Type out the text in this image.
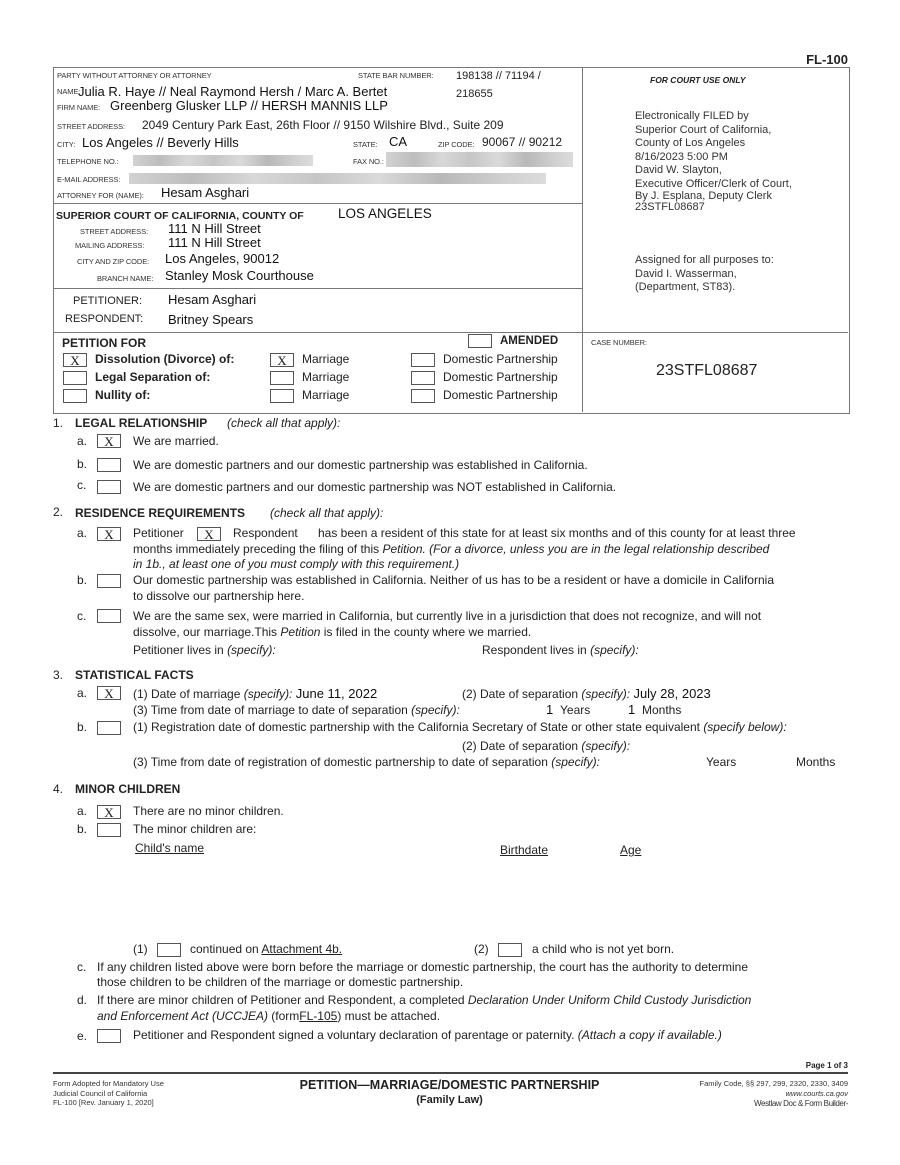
FL-100
PARTY WITHOUT ATTORNEY OR ATTORNEY	STATE BAR NUMBER: 198138 // 71194 /
218655
NAME:
Julia R. Haye // Neal Raymond Hersh / Marc A. Bertet
FIRM NAME: Greenberg Glusker LLP // HERSH MANNIS LLP
STREET ADDRESS: 2049 Century Park East, 26th Floor // 9150 Wilshire Blvd., Suite 209
CITY: Los Angeles // Beverly Hills	STATE: CA	ZIP CODE: 90067 // 90212
TELEPHONE NO.:	FAX NO.:
E-MAIL ADDRESS:
ATTORNEY FOR (NAME): Hesam Asghari
FOR COURT USE ONLY
Electronically FILED by
Superior Court of California,
County of Los Angeles
8/16/2023 5:00 PM
David W. Slayton,
Executive Officer/Clerk of Court,
By J. Esplana, Deputy Clerk
23STFL08687
Assigned for all purposes to:
David I. Wasserman,
(Department, ST83).
SUPERIOR COURT OF CALIFORNIA, COUNTY OF	LOS ANGELES
STREET ADDRESS: 111 N Hill Street
MAILING ADDRESS: 111 N Hill Street
CITY AND ZIP CODE: Los Angeles, 90012
BRANCH NAME: Stanley Mosk Courthouse
PETITIONER: Hesam Asghari
RESPONDENT: Britney Spears
PETITION FOR	AMENDED
X	Dissolution (Divorce) of:	X	Marriage	Domestic Partnership
Legal Separation of:	Marriage	Domestic Partnership
Nullity of:	Marriage	Domestic Partnership
CASE NUMBER:
23STFL08687
1. LEGAL RELATIONSHIP (check all that apply):
a.	X	We are married.
b.	We are domestic partners and our domestic partnership was established in California.
c.	We are domestic partners and our domestic partnership was NOT established in California.
2. RESIDENCE REQUIREMENTS (check all that apply):
a.	X	Petitioner	X	Respondent has been a resident of this state for at least six months and of this county for at least three
months immediately preceding the filing of this Petition. (For a divorce, unless you are in the legal relationship described
in 1b., at least one of you must comply with this requirement.)
b.	Our domestic partnership was established in California. Neither of us has to be a resident or have a domicile in California
to dissolve our partnership here.
c.	We are the same sex, were married in California, but currently live in a jurisdiction that does not recognize, and will not
dissolve, our marriage.This Petition is filed in the county where we married.
Petitioner lives in (specify):	Respondent lives in (specify):
3. STATISTICAL FACTS
a.	X	(1) Date of marriage (specify): June 11, 2022	(2) Date of separation (specify): July 28, 2023
(3) Time from date of marriage to date of separation (specify):	1 Years	1 Months
b.	(1) Registration date of domestic partnership with the California Secretary of State or other state equivalent (specify below):
(2) Date of separation (specify):
(3) Time from date of registration of domestic partnership to date of separation (specify):	Years	Months
4. MINOR CHILDREN
a.	X	There are no minor children.
b.	The minor children are:
Child's name	Birthdate	Age
(1)	continued on Attachment 4b.	(2)	a child who is not yet born.
c. If any children listed above were born before the marriage or domestic partnership, the court has the authority to determine
those children to be children of the marriage or domestic partnership.
d. If there are minor children of Petitioner and Respondent, a completed Declaration Under Uniform Child Custody Jurisdiction
and Enforcement Act (UCCJEA) (formFL-105) must be attached.
e.	Petitioner and Respondent signed a voluntary declaration of parentage or paternity. (Attach a copy if available.)
Page 1 of 3
Form Adopted for Mandatory Use
Judicial Council of California
FL-100 [Rev. January 1, 2020]
PETITION—MARRIAGE/DOMESTIC PARTNERSHIP
(Family Law)
Family Code, §§ 297, 299, 2320, 2330, 3409
www.courts.ca.gov
Westlaw Doc & Form Builder-
